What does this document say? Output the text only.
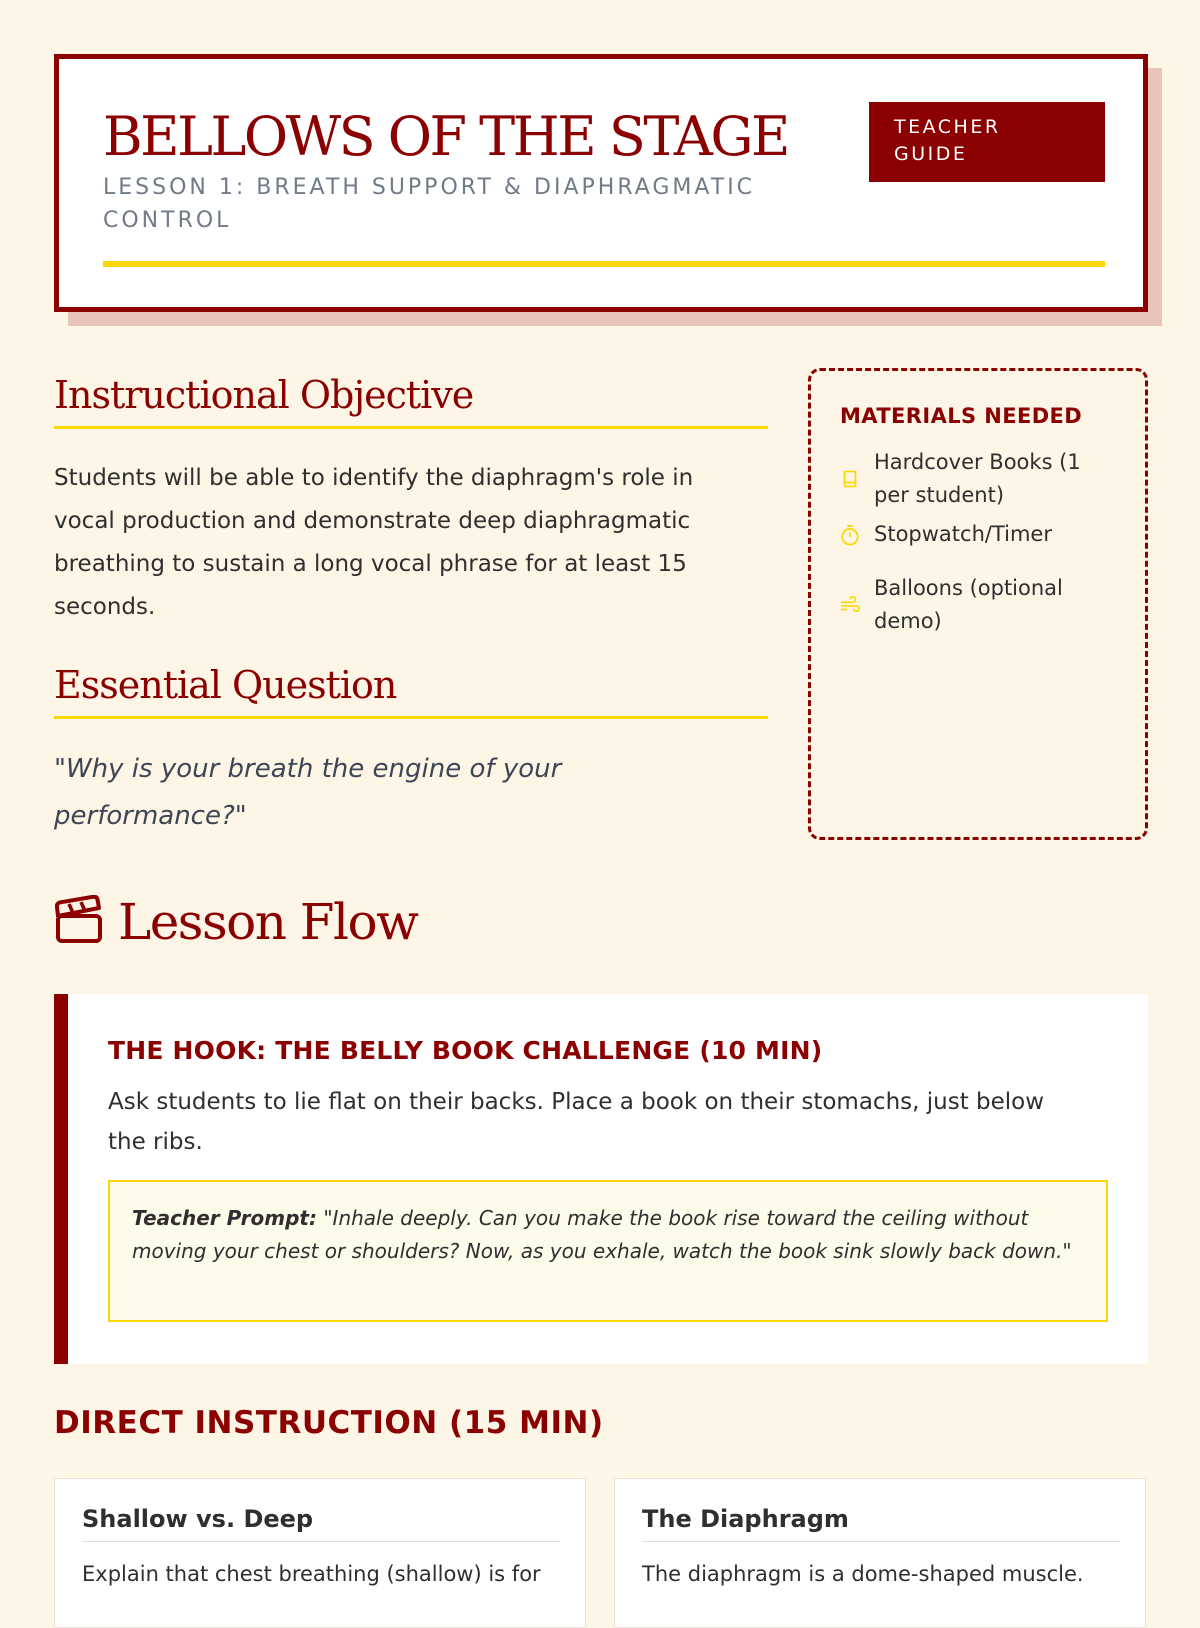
BELLOWS OF THE STAGE
LESSON 1: BREATH SUPPORT & DIAPHRAGMATIC CONTROL
TEACHER GUIDE
Instructional Objective

Students will be able to identify the diaphragm's role in vocal production and demonstrate deep diaphragmatic breathing to sustain a long vocal phrase for at least 15 seconds.

Essential Question

"Why is your breath the engine of your performance?"

MATERIALS NEEDED
Hardcover Books (1 per student)
Stopwatch/Timer
Balloons (optional demo)
Lesson Flow
THE HOOK: THE BELLY BOOK CHALLENGE (10 MIN)

Ask students to lie flat on their backs. Place a book on their stomachs, just below the ribs.

Teacher Prompt: "Inhale deeply. Can you make the book rise toward the ceiling without moving your chest or shoulders? Now, as you exhale, watch the book sink slowly back down."
DIRECT INSTRUCTION (15 MIN)
Shallow vs. Deep

Explain that chest breathing (shallow) is for

The Diaphragm

The diaphragm is a dome-shaped muscle.
